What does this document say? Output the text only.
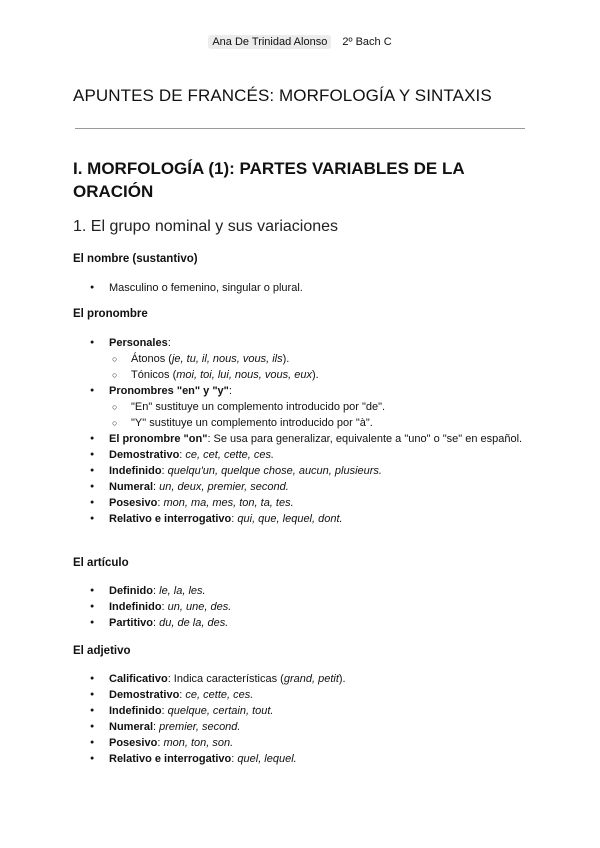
Ana De Trinidad Alonso 2º Bach C
APUNTES DE FRANCÉS: MORFOLOGÍA Y SINTAXIS
I. MORFOLOGÍA (1): PARTES VARIABLES DE LA ORACIÓN
1. El grupo nominal y sus variaciones
El nombre (sustantivo)
● Masculino o femenino, singular o plural.
El pronombre
● Personales:
○ Átonos (je, tu, il, nous, vous, ils).
○ Tónicos (moi, toi, lui, nous, vous, eux).
● Pronombres "en" y "y":
○ "En" sustituye un complemento introducido por "de".
○ "Y" sustituye un complemento introducido por "à".
● El pronombre "on": Se usa para generalizar, equivalente a "uno" o "se" en español.
● Demostrativo: ce, cet, cette, ces.
● Indefinido: quelqu'un, quelque chose, aucun, plusieurs.
● Numeral: un, deux, premier, second.
● Posesivo: mon, ma, mes, ton, ta, tes.
● Relativo e interrogativo: qui, que, lequel, dont.
El artículo
● Definido: le, la, les.
● Indefinido: un, une, des.
● Partitivo: du, de la, des.
El adjetivo
● Calificativo: Indica características (grand, petit).
● Demostrativo: ce, cette, ces.
● Indefinido: quelque, certain, tout.
● Numeral: premier, second.
● Posesivo: mon, ton, son.
● Relativo e interrogativo: quel, lequel.
